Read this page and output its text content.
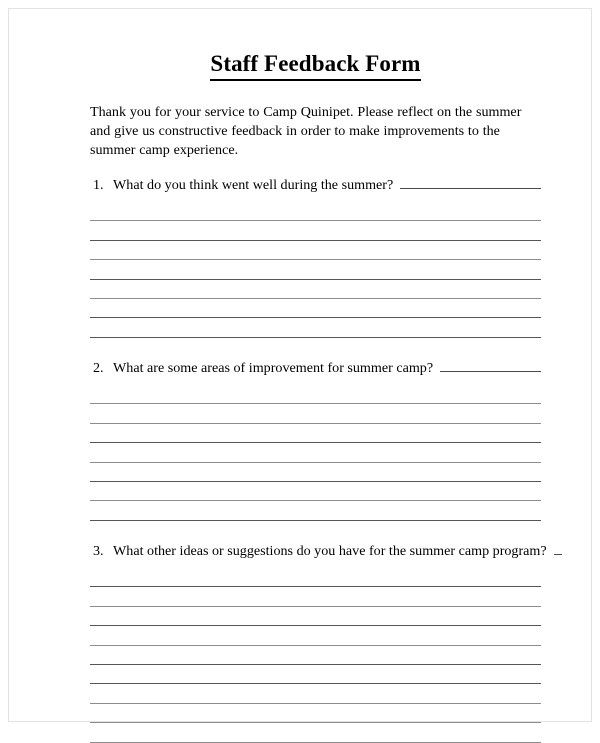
Staff Feedback Form
Thank you for your service to Camp Quinipet. Please reflect on the summer and give us constructive feedback in order to make improvements to the summer camp experience.
1. What do you think went well during the summer?
2. What are some areas of improvement for summer camp?
3. What other ideas or suggestions do you have for the summer camp program?
